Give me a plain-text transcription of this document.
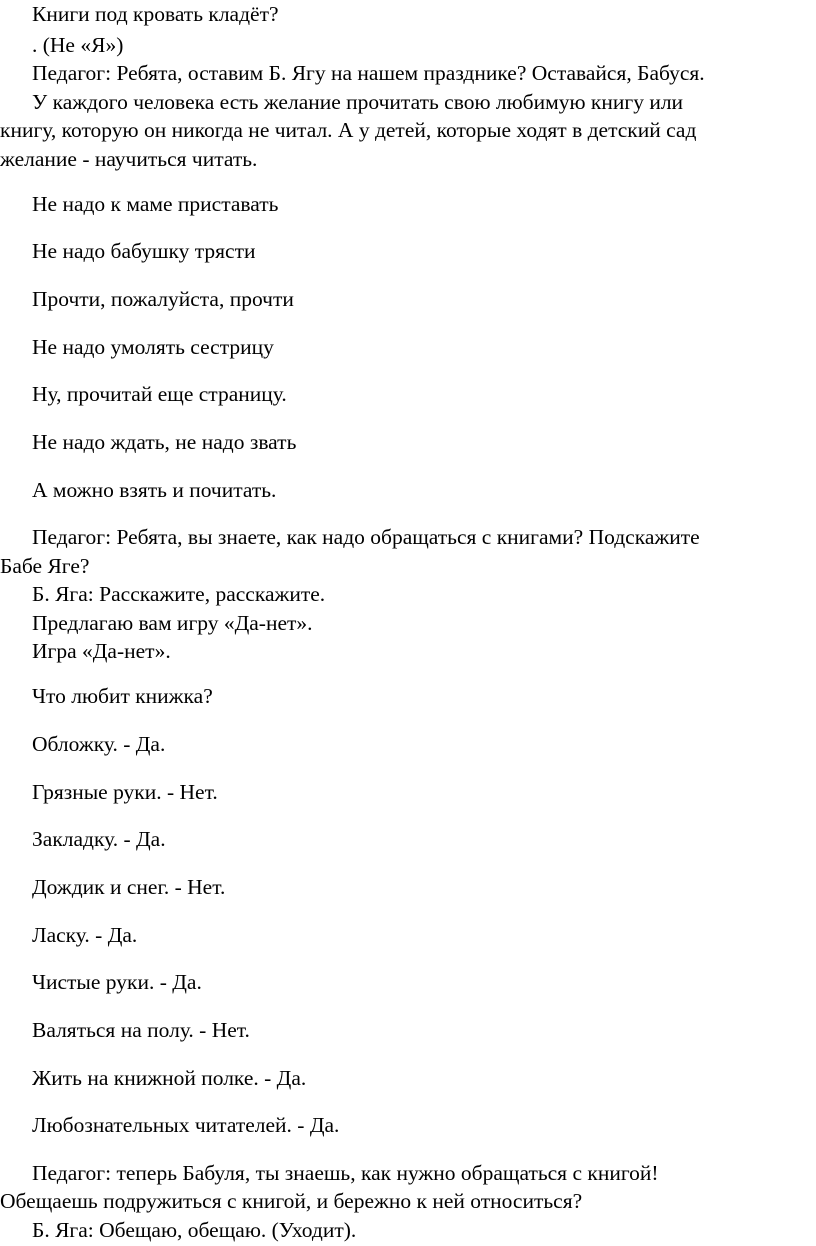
Книги под кровать кладёт?
. (Не «Я»)
Педагог: Ребята, оставим Б. Ягу на нашем празднике? Оставайся, Бабуся.
У каждого человека есть желание прочитать свою любимую книгу или
книгу, которую он никогда не читал. А у детей, которые ходят в детский сад
желание - научиться читать.
Не надо к маме приставать
Не надо бабушку трясти
Прочти, пожалуйста, прочти
Не надо умолять сестрицу
Ну, прочитай еще страницу.
Не надо ждать, не надо звать
А можно взять и почитать.
Педагог: Ребята, вы знаете, как надо обращаться с книгами? Подскажите
Бабе Яге?
Б. Яга: Расскажите, расскажите.
Предлагаю вам игру «Да-нет».
Игра «Да-нет».
Что любит книжка?
Обложку. - Да.
Грязные руки. - Нет.
Закладку. - Да.
Дождик и снег. - Нет.
Ласку. - Да.
Чистые руки. - Да.
Валяться на полу. - Нет.
Жить на книжной полке. - Да.
Любознательных читателей. - Да.
Педагог: теперь Бабуля, ты знаешь, как нужно обращаться с книгой!
Обещаешь подружиться с книгой, и бережно к ней относиться?
Б. Яга: Обещаю, обещаю. (Уходит).
